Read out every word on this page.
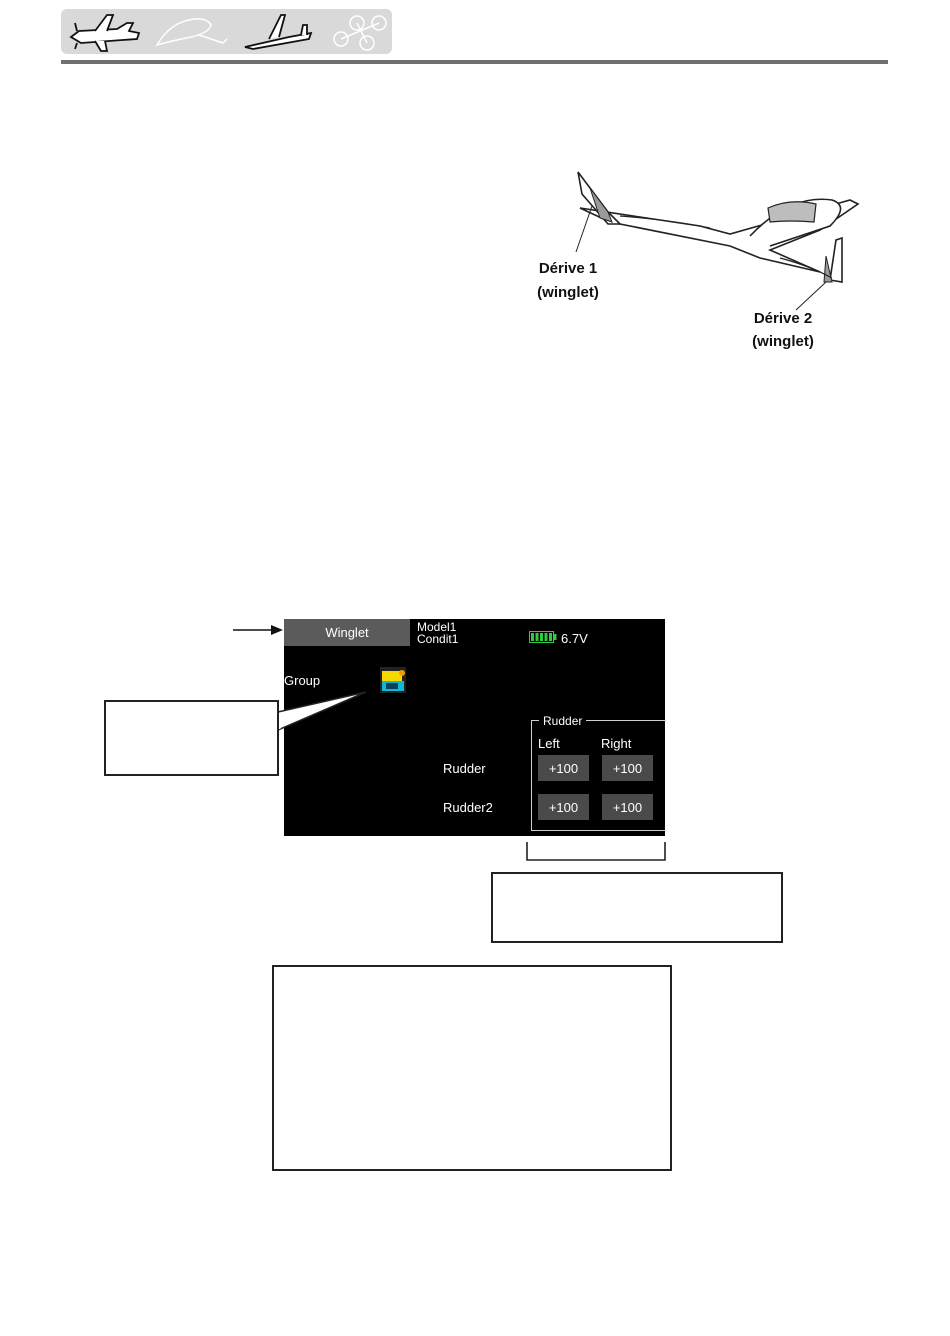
Dérive 1
(winglet)
Dérive 2
(winglet)
Winglet	Model1
Condit1	6.7V
Group
Rudder
Left	Right
Rudder	+100	+100
Rudder2	+100	+100
